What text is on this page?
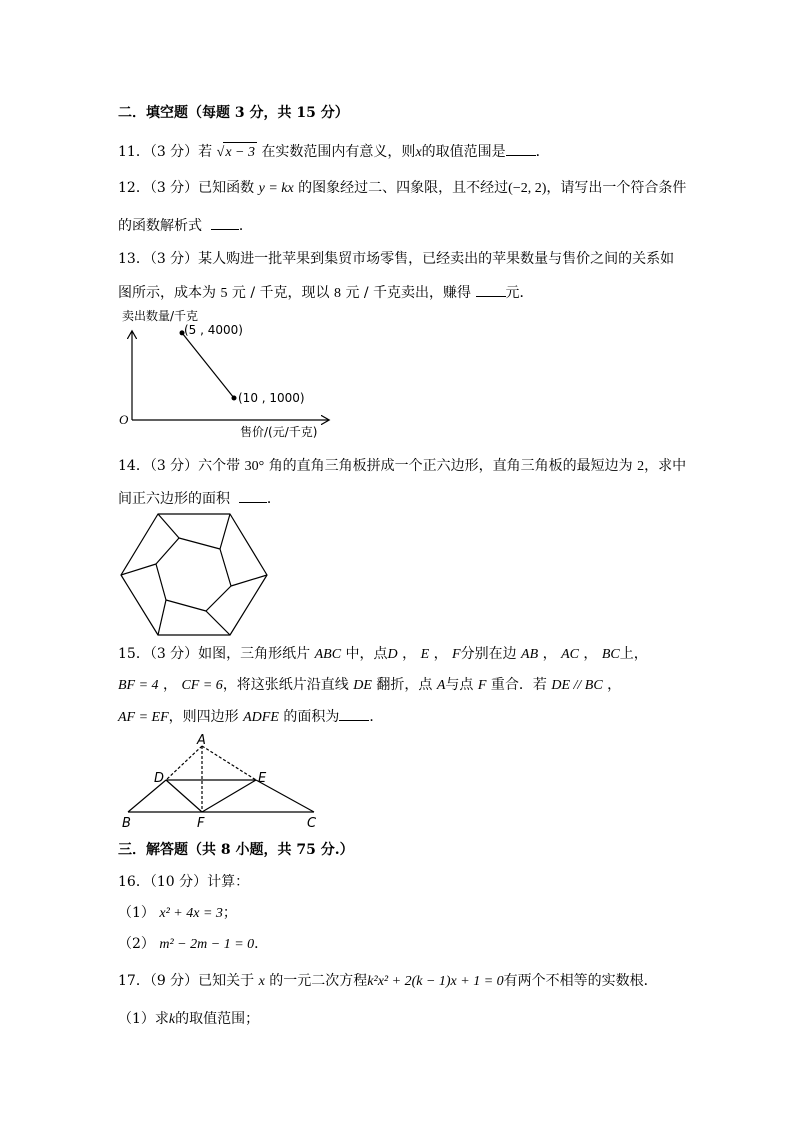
二．填空题（每题 3 分，共 15 分）
11．（3 分）若 √x − 3 在实数范围内有意义，则x的取值范围是 ．
12．（3 分）已知函数 y = kx 的图象经过二、四象限，且不经过(−2, 2)，请写出一个符合条件
的函数解析式	．
13．（3 分）某人购进一批苹果到集贸市场零售，已经卖出的苹果数量与售价之间的关系如
图所示，成本为 5 元 / 千克，现以 8 元 / 千克卖出，赚得 元．
卖出数量/千克
售价/(元/千克)
O
(5 , 4000)
(10 , 1000)
14．（3 分）六个带 30° 角的直角三角板拼成一个正六边形，直角三角板的最短边为 2，求中
间正六边形的面积	．
15．（3 分）如图，三角形纸片 ABC 中，点D ， E ， F分别在边 AB ， AC ， BC上，
BF = 4 ， CF = 6，将这张纸片沿直线 DE 翻折，点 A与点 F 重合．若 DE // BC ，
AF = EF，则四边形 ADFE 的面积为 ．
A
D	E
B	F	C
三．解答题（共 8 小题，共 75 分.）
16．（10 分）计算：
（1） x² + 4x = 3；
（2） m² − 2m − 1 = 0．
17．（9 分）已知关于 x 的一元二次方程k²x² + 2(k − 1)x + 1 = 0有两个不相等的实数根．
（1）求k的取值范围；
